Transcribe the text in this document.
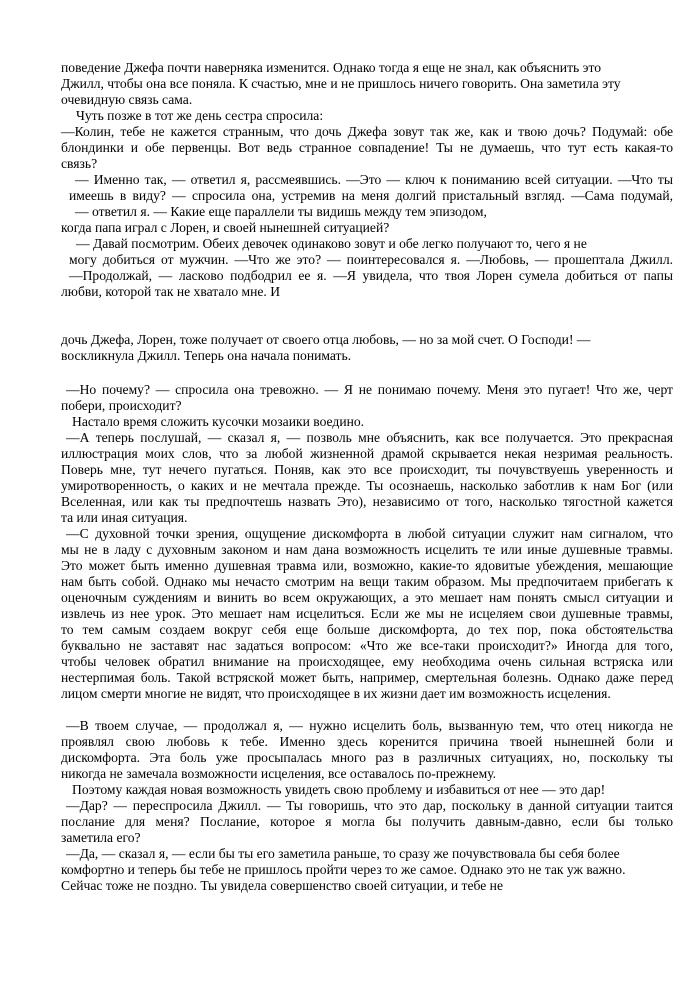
поведение Джефа почти наверняка изменится. Однако тогда я еще не знал, как объяснить это
Джилл, чтобы она все поняла. К счастью, мне и не пришлось ничего говорить. Она заметила эту
очевидную связь сама.
Чуть позже в тот же день сестра спросила:
—Колин, тебе не кажется странным, что дочь Джефа зовут так же, как и твою дочь? Подумай: обе
блондинки и обе первенцы. Вот ведь странное совпадение! Ты не думаешь, что тут есть какая-то
связь?
— Именно так, — ответил я, рассмеявшись. —Это — ключ к пониманию всей ситуации. —Что ты
имеешь в виду? — спросила она, устремив на меня долгий пристальный взгляд. —Сама подумай,
— ответил я. — Какие еще параллели ты видишь между тем эпизодом,
когда папа играл с Лорен, и своей нынешней ситуацией?
— Давай посмотрим. Обеих девочек одинаково зовут и обе легко получают то, чего я не
могу добиться от мужчин. —Что же это? — поинтересовался я. —Любовь, — прошептала Джилл.
—Продолжай, — ласково подбодрил ее я. —Я увидела, что твоя Лорен сумела добиться от папы
любви, которой так не хватало мне. И
дочь Джефа, Лорен, тоже получает от своего отца любовь, — но за мой счет. О Господи! —
воскликнула Джилл. Теперь она начала понимать.
—Но почему? — спросила она тревожно. — Я не понимаю почему. Меня это пугает! Что же, черт
побери, происходит?
Настало время сложить кусочки мозаики воедино.
—А теперь послушай, — сказал я, — позволь мне объяснить, как все получается. Это прекрасная
иллюстрация моих слов, что за любой жизненной драмой скрывается некая незримая реальность.
Поверь мне, тут нечего пугаться. Поняв, как это все происходит, ты почувствуешь уверенность и
умиротворенность, о каких и не мечтала прежде. Ты осознаешь, насколько заботлив к нам Бог (или
Вселенная, или как ты предпочтешь назвать Это), независимо от того, насколько тягостной кажется
та или иная ситуация.
—С духовной точки зрения, ощущение дискомфорта в любой ситуации служит нам сигналом, что
мы не в ладу с духовным законом и нам дана возможность исцелить те или иные душевные травмы.
Это может быть именно душевная травма или, возможно, какие-то ядовитые убеждения, мешающие
нам быть собой. Однако мы нечасто смотрим на вещи таким образом. Мы предпочитаем прибегать к
оценочным суждениям и винить во всем окружающих, а это мешает нам понять смысл ситуации и
извлечь из нее урок. Это мешает нам исцелиться. Если же мы не исцеляем свои душевные травмы,
то тем самым создаем вокруг себя еще больше дискомфорта, до тех пор, пока обстоятельства
буквально не заставят нас задаться вопросом: «Что же все-таки происходит?» Иногда для того,
чтобы человек обратил внимание на происходящее, ему необходима очень сильная встряска или
нестерпимая боль. Такой встряской может быть, например, смертельная болезнь. Однако даже перед
лицом смерти многие не видят, что происходящее в их жизни дает им возможность исцеления.
—В твоем случае, — продолжал я, — нужно исцелить боль, вызванную тем, что отец никогда не
проявлял свою любовь к тебе. Именно здесь коренится причина твоей нынешней боли и
дискомфорта. Эта боль уже просыпалась много раз в различных ситуациях, но, поскольку ты
никогда не замечала возможности исцеления, все оставалось по-прежнему.
Поэтому каждая новая возможность увидеть свою проблему и избавиться от нее — это дар!
—Дар? — переспросила Джилл. — Ты говоришь, что это дар, поскольку в данной ситуации таится
послание для меня? Послание, которое я могла бы получить давным-давно, если бы только
заметила его?
—Да, — сказал я, — если бы ты его заметила раньше, то сразу же почувствовала бы себя более
комфортно и теперь бы тебе не пришлось пройти через то же самое. Однако это не так уж важно.
Сейчас тоже не поздно. Ты увидела совершенство своей ситуации, и тебе не
